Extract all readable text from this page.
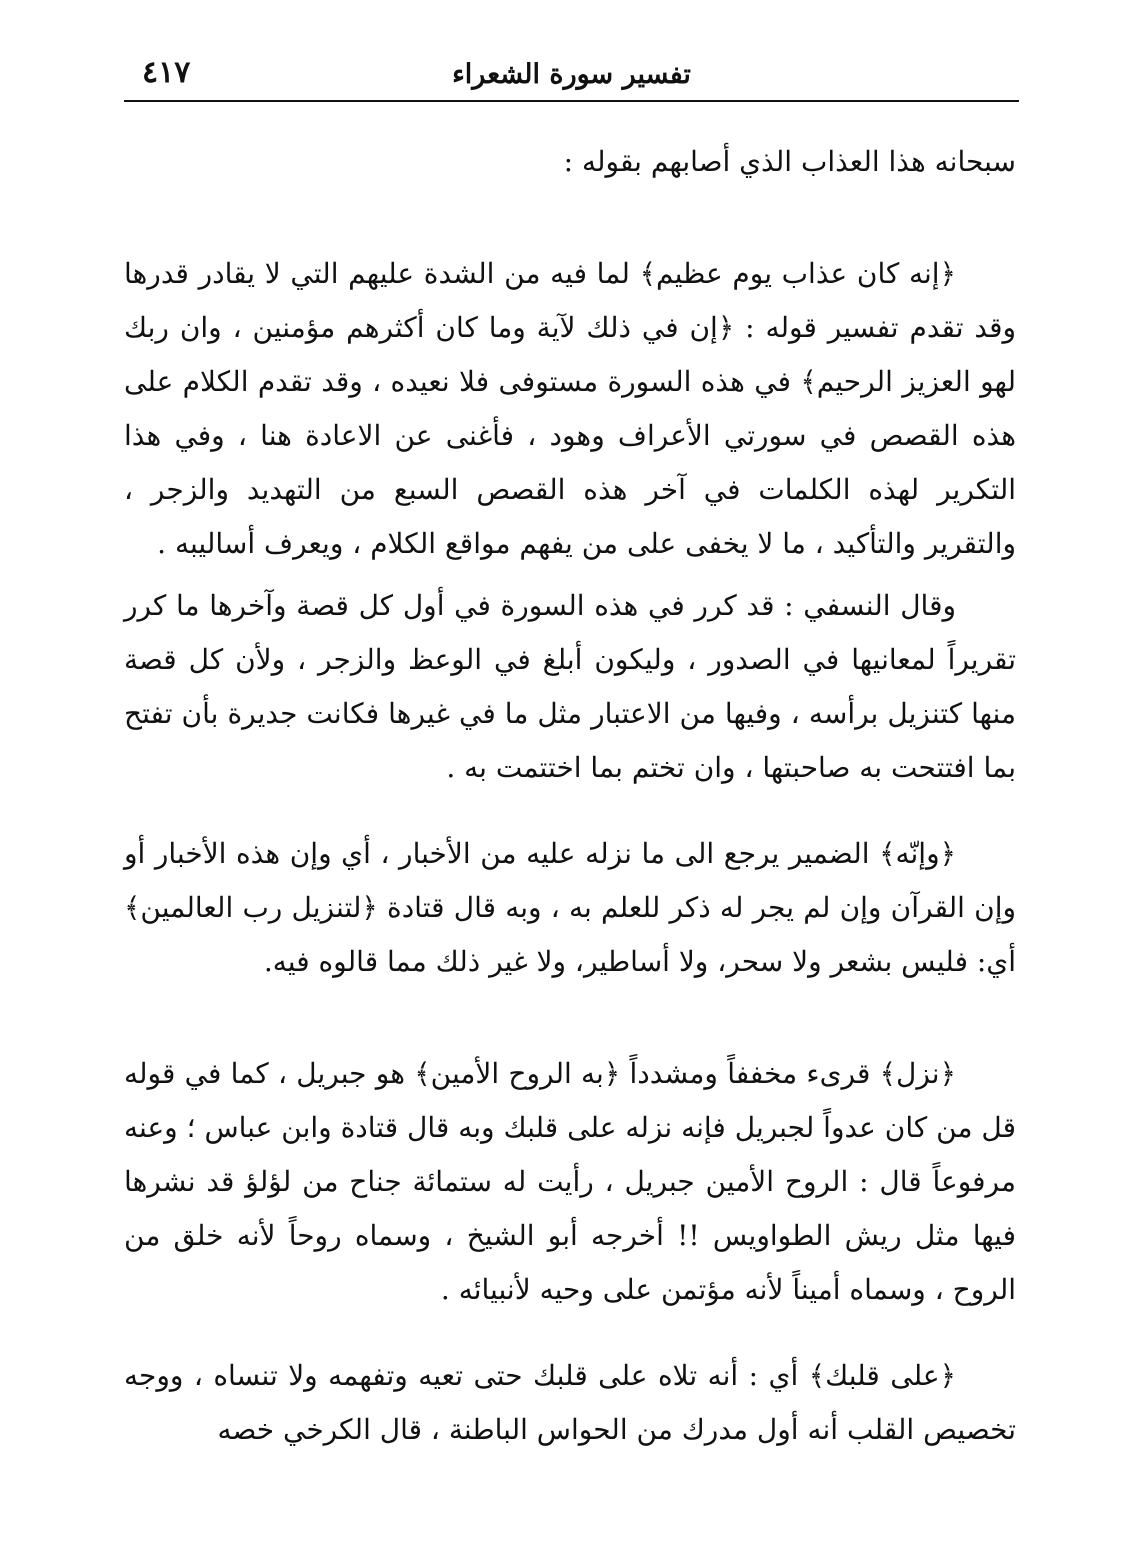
تفسير سورة الشعراء
٤١٧

سبحانه هذا العذاب الذي أصابهم بقوله :

﴿إنه كان عذاب يوم عظيم﴾ لما فيه من الشدة عليهم التي لا يقادر قدرها وقد تقدم تفسير قوله : ﴿إن في ذلك لآية وما كان أكثرهم مؤمنين ، وان ربك لهو العزيز الرحيم﴾ في هذه السورة مستوفى فلا نعيده ، وقد تقدم الكلام على هذه القصص في سورتي الأعراف وهود ، فأغنى عن الاعادة هنا ، وفي هذا التكرير لهذه الكلمات في آخر هذه القصص السبع من التهديد والزجر ، والتقرير والتأكيد ، ما لا يخفى على من يفهم مواقع الكلام ، ويعرف أساليبه .

وقال النسفي : قد كرر في هذه السورة في أول كل قصة وآخرها ما كرر تقريراً لمعانيها في الصدور ، وليكون أبلغ في الوعظ والزجر ، ولأن كل قصة منها كتنزيل برأسه ، وفيها من الاعتبار مثل ما في غيرها فكانت جديرة بأن تفتح بما افتتحت به صاحبتها ، وان تختم بما اختتمت به .

﴿وإنّه﴾ الضمير يرجع الى ما نزله عليه من الأخبار ، أي وإن هذه الأخبار أو وإن القرآن وإن لم يجر له ذكر للعلم به ، وبه قال قتادة ﴿لتنزيل رب العالمين﴾ أي: فليس بشعر ولا سحر، ولا أساطير، ولا غير ذلك مما قالوه فيه.

﴿نزل﴾ قرىء مخففاً ومشدداً ﴿به الروح الأمين﴾ هو جبريل ، كما في قوله قل من كان عدواً لجبريل فإنه نزله على قلبك وبه قال قتادة وابن عباس ؛ وعنه مرفوعاً قال : الروح الأمين جبريل ، رأيت له ستمائة جناح من لؤلؤ قد نشرها فيها مثل ريش الطواويس !! أخرجه أبو الشيخ ، وسماه روحاً لأنه خلق من الروح ، وسماه أميناً لأنه مؤتمن على وحيه لأنبيائه .

﴿على قلبك﴾ أي : أنه تلاه على قلبك حتى تعيه وتفهمه ولا تنساه ، ووجه تخصيص القلب أنه أول مدرك من الحواس الباطنة ، قال الكرخي خصه
